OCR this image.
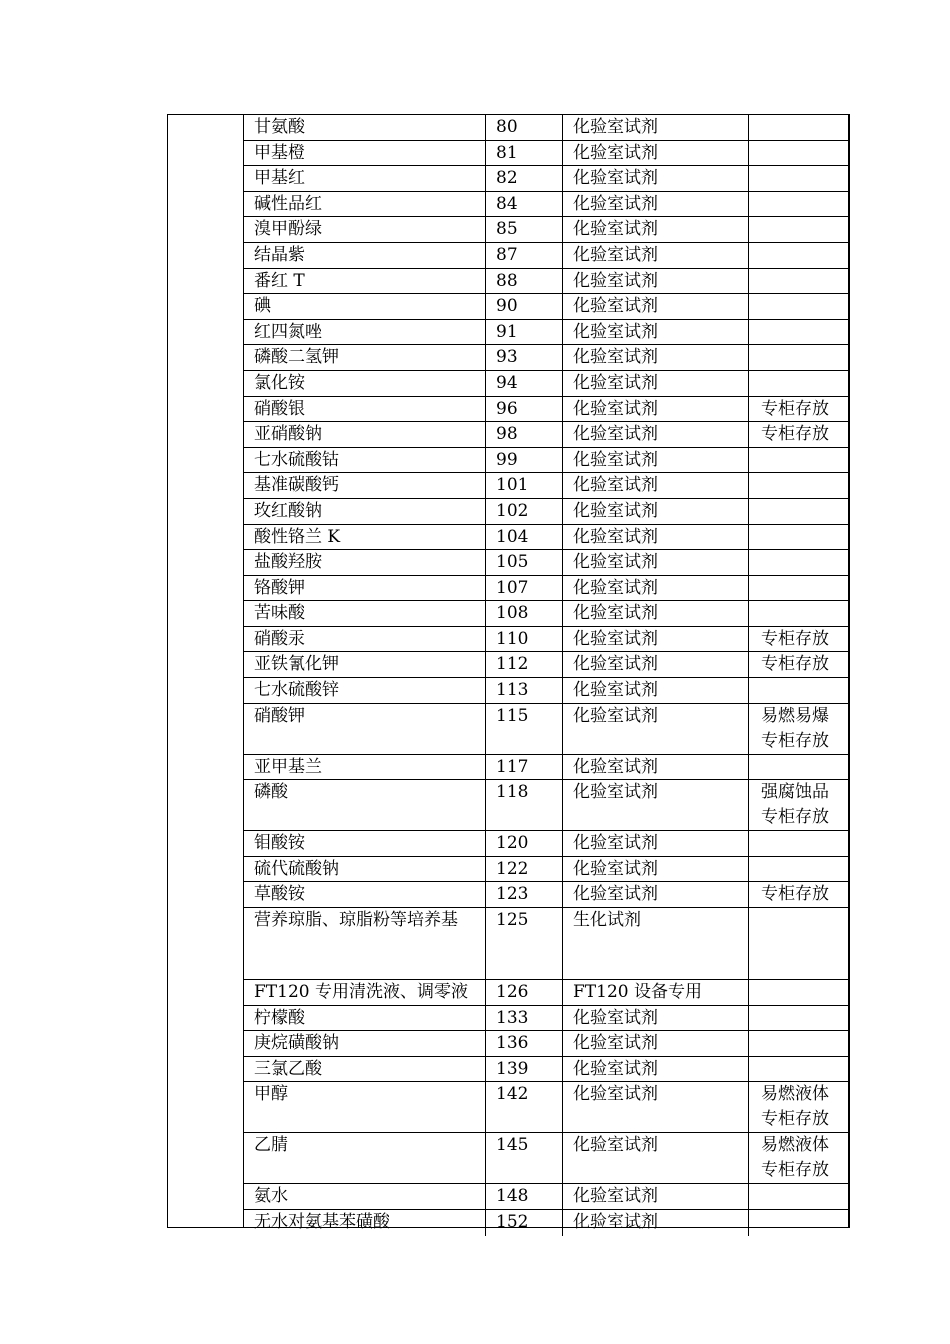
甘氨酸	80	化验室试剂
甲基橙	81	化验室试剂
甲基红	82	化验室试剂
碱性品红	84	化验室试剂
溴甲酚绿	85	化验室试剂
结晶紫	87	化验室试剂
番红 T	88	化验室试剂
碘	90	化验室试剂
红四氮唑	91	化验室试剂
磷酸二氢钾	93	化验室试剂
氯化铵	94	化验室试剂
硝酸银	96	化验室试剂	专柜存放
亚硝酸钠	98	化验室试剂	专柜存放
七水硫酸钴	99	化验室试剂
基准碳酸钙	101	化验室试剂
玫红酸钠	102	化验室试剂
酸性铬兰 K	104	化验室试剂
盐酸羟胺	105	化验室试剂
铬酸钾	107	化验室试剂
苦味酸	108	化验室试剂
硝酸汞	110	化验室试剂	专柜存放
亚铁氰化钾	112	化验室试剂	专柜存放
七水硫酸锌	113	化验室试剂
硝酸钾	115	化验室试剂	易燃易爆
专柜存放
亚甲基兰	117	化验室试剂
磷酸	118	化验室试剂	强腐蚀品
专柜存放
钼酸铵	120	化验室试剂
硫代硫酸钠	122	化验室试剂
草酸铵	123	化验室试剂	专柜存放
营养琼脂、琼脂粉等培养基	125	生化试剂
FT120 专用清洗液、调零液	126	FT120 设备专用
柠檬酸	133	化验室试剂
庚烷磺酸钠	136	化验室试剂
三氯乙酸	139	化验室试剂
甲醇	142	化验室试剂	易燃液体
专柜存放
乙腈	145	化验室试剂	易燃液体
专柜存放
氨水	148	化验室试剂
无水对氨基苯磺酸	152	化验室试剂
